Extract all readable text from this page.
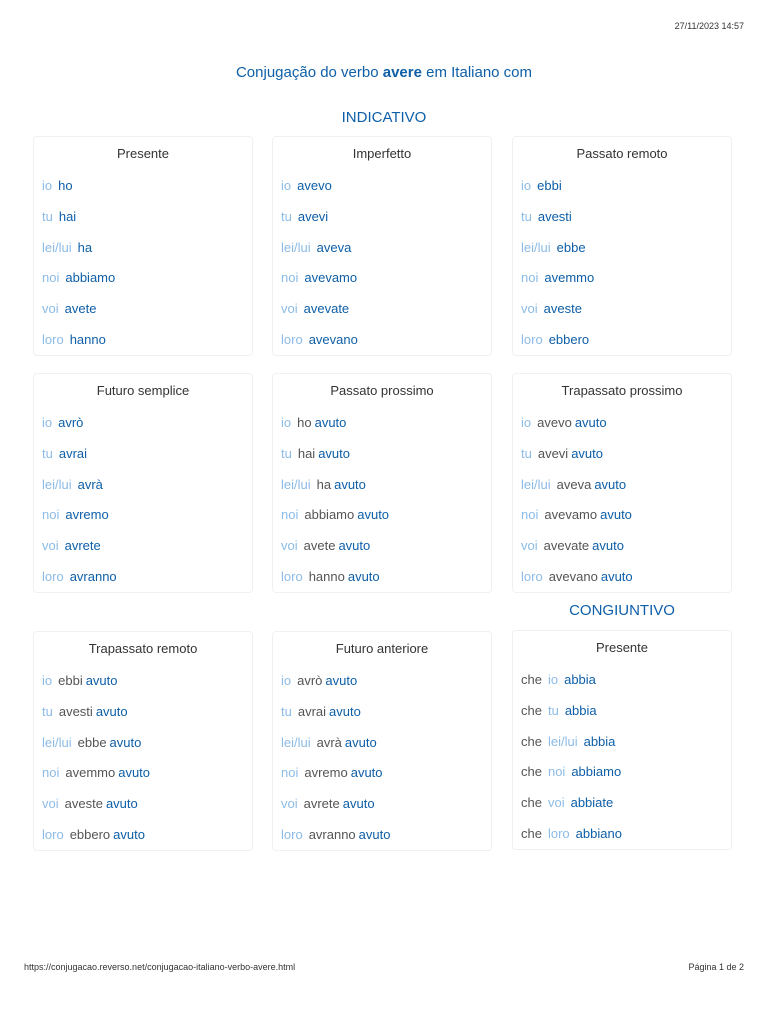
27/11/2023 14:57
Conjugação do verbo avere em Italiano com
INDICATIVO
Presente
io ho
tu hai
lei/lui ha
noi abbiamo
voi avete
loro hanno
Imperfetto
io avevo
tu avevi
lei/lui aveva
noi avevamo
voi avevate
loro avevano
Passato remoto
io ebbi
tu avesti
lei/lui ebbe
noi avemmo
voi aveste
loro ebbero
Futuro semplice
io avrò
tu avrai
lei/lui avrà
noi avremo
voi avrete
loro avranno
Passato prossimo
io ho avuto
tu hai avuto
lei/lui ha avuto
noi abbiamo avuto
voi avete avuto
loro hanno avuto
Trapassato prossimo
io avevo avuto
tu avevi avuto
lei/lui aveva avuto
noi avevamo avuto
voi avevate avuto
loro avevano avuto
CONGIUNTIVO
Trapassato remoto
io ebbi avuto
tu avesti avuto
lei/lui ebbe avuto
noi avemmo avuto
voi aveste avuto
loro ebbero avuto
Futuro anteriore
io avrò avuto
tu avrai avuto
lei/lui avrà avuto
noi avremo avuto
voi avrete avuto
loro avranno avuto
Presente
che io abbia
che tu abbia
che lei/lui abbia
che noi abbiamo
che voi abbiate
che loro abbiano
https://conjugacao.reverso.net/conjugacao-italiano-verbo-avere.html	Página 1 de 2
